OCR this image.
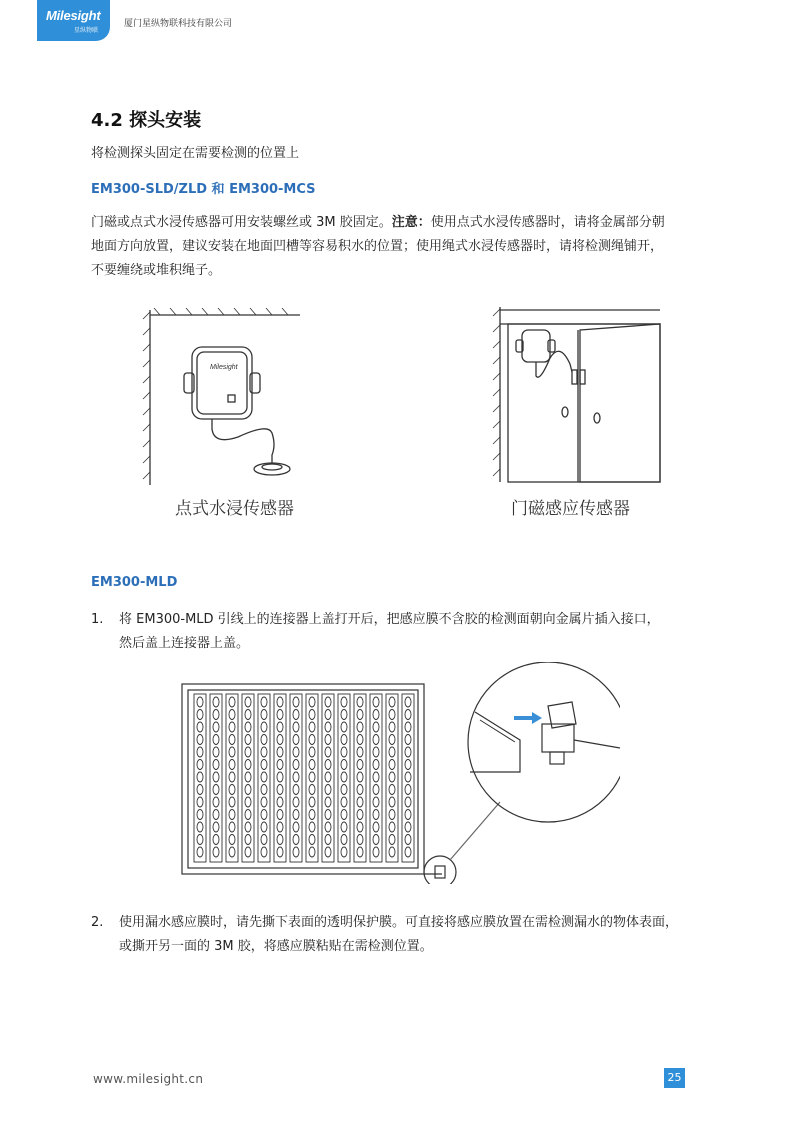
Milesight
星纵物联
厦门星纵物联科技有限公司
4.2 探头安装
将检测探头固定在需要检测的位置上
EM300-SLD/ZLD 和 EM300-MCS
门磁或点式水浸传感器可用安装螺丝或 3M 胶固定。注意：使用点式水浸传感器时，请将金属部分朝
地面方向放置，建议安装在地面凹槽等容易积水的位置；使用绳式水浸传感器时，请将检测绳铺开，
不要缠绕或堆积绳子。
Milesight
点式水浸传感器	门磁感应传感器
EM300-MLD
1. 将 EM300-MLD 引线上的连接器上盖打开后，把感应膜不含胶的检测面朝向金属片插入接口，
然后盖上连接器上盖。
2. 使用漏水感应膜时，请先撕下表面的透明保护膜。可直接将感应膜放置在需检测漏水的物体表面，
或撕开另一面的 3M 胶，将感应膜粘贴在需检测位置。
www.milesight.cn	25
